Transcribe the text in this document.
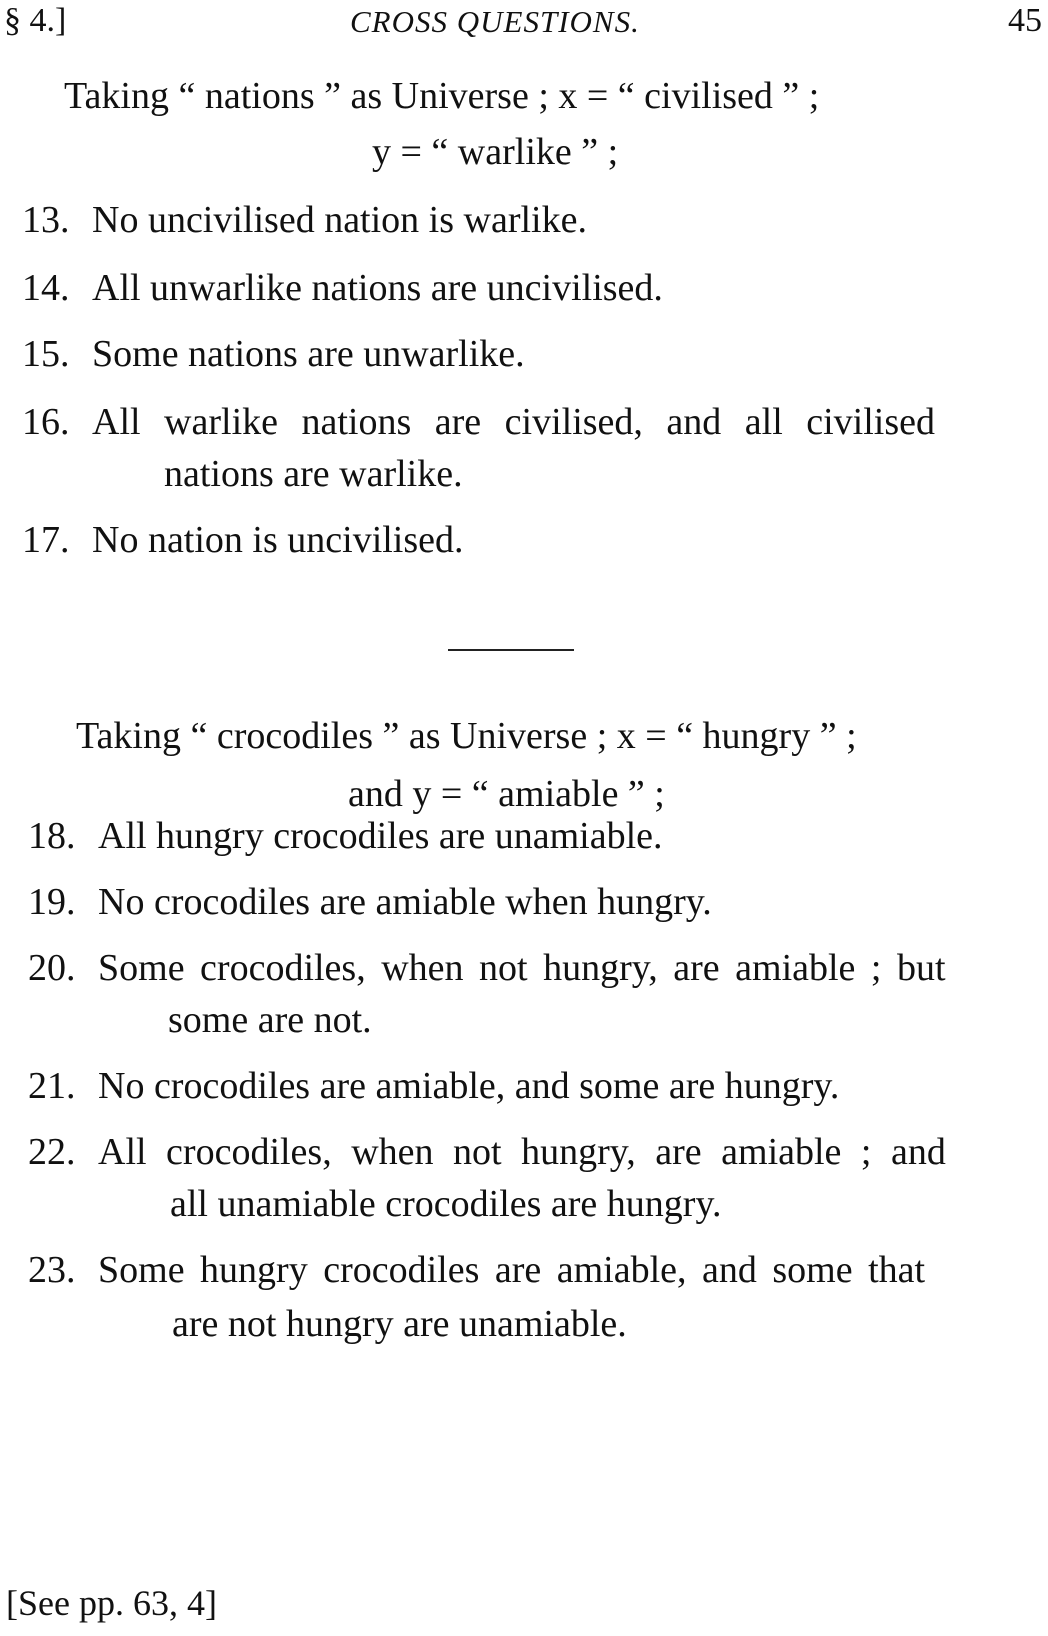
§ 4.]	CROSS QUESTIONS.	45
Taking “ nations ” as Universe ; x = “ civilised ” ;
y = “ warlike ” ;
13. No uncivilised nation is warlike.
14. All unwarlike nations are uncivilised.
15. Some nations are unwarlike.
16. All warlike nations are civilised, and all civilised
nations are warlike.
17. No nation is uncivilised.
Taking “ crocodiles ” as Universe ; x = “ hungry ” ;
and y = “ amiable ” ;
18. All hungry crocodiles are unamiable.
19. No crocodiles are amiable when hungry.
20. Some crocodiles, when not hungry, are amiable ; but
some are not.
21. No crocodiles are amiable, and some are hungry.
22. All crocodiles, when not hungry, are amiable ; and
all unamiable crocodiles are hungry.
23. Some hungry crocodiles are amiable, and some that
are not hungry are unamiable.
[See pp. 63, 4]
